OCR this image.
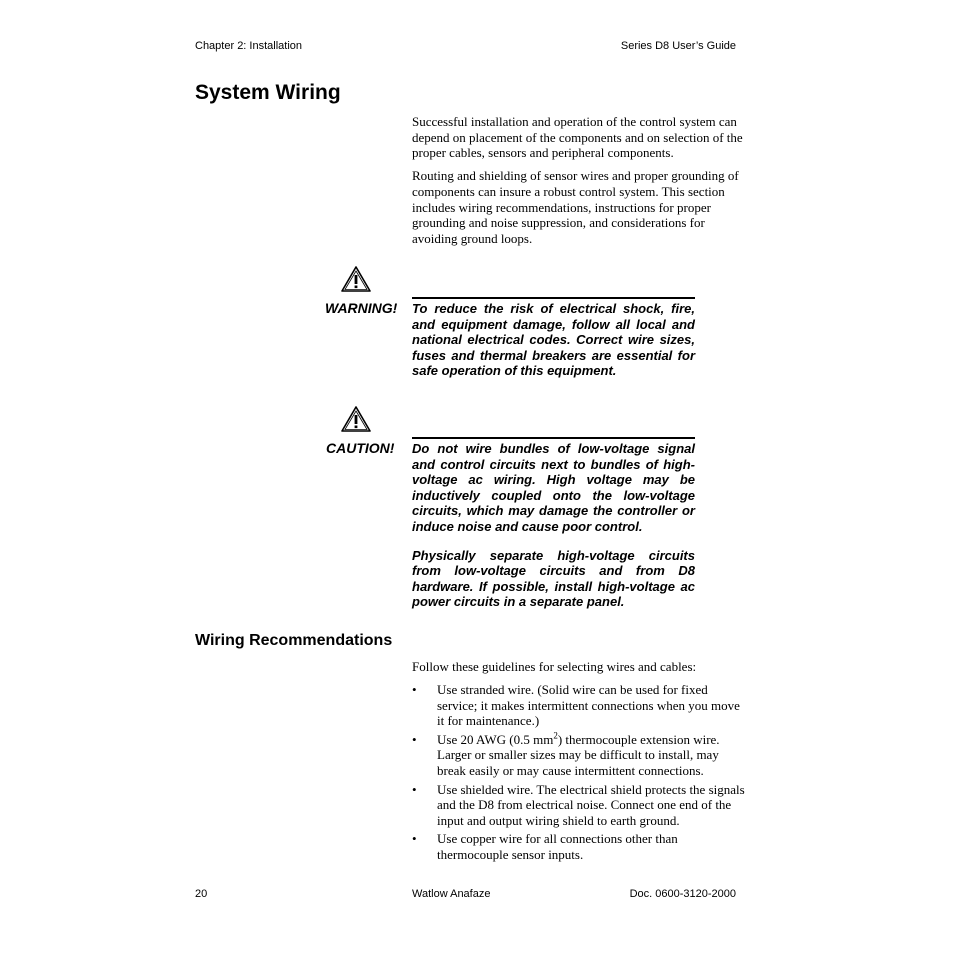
Chapter 2: Installation	Series D8 User’s Guide
System Wiring

Successful installation and operation of the control system can depend on placement of the components and on selection of the proper cables, sensors and peripheral components.

Routing and shielding of sensor wires and proper grounding of components can insure a robust control system. This section includes wiring recommendations, instructions for proper grounding and noise suppression, and considerations for avoiding ground loops.

WARNING! To reduce the risk of electrical shock, fire, and equipment damage, follow all local and national electrical codes. Correct wire sizes, fuses and thermal breakers are essential for safe operation of this equipment.

CAUTION! Do not wire bundles of low-voltage signal and control circuits next to bundles of high-voltage ac wiring. High voltage may be inductively coupled onto the low-voltage circuits, which may damage the controller or induce noise and cause poor control.

Physically separate high-voltage circuits from low-voltage circuits and from D8 hardware. If possible, install high-voltage ac power circuits in a separate panel.

Wiring Recommendations

Follow these guidelines for selecting wires and cables:

• Use stranded wire. (Solid wire can be used for fixed service; it makes intermittent connections when you move it for maintenance.)
• Use 20 AWG (0.5 $mm^2$) thermocouple extension wire. Larger or smaller sizes may be difficult to install, may break easily or may cause intermittent connections.
• Use shielded wire. The electrical shield protects the signals and the D8 from electrical noise. Connect one end of the input and output wiring shield to earth ground.
• Use copper wire for all connections other than thermocouple sensor inputs.
20	Watlow Anafaze	Doc. 0600-3120-2000
